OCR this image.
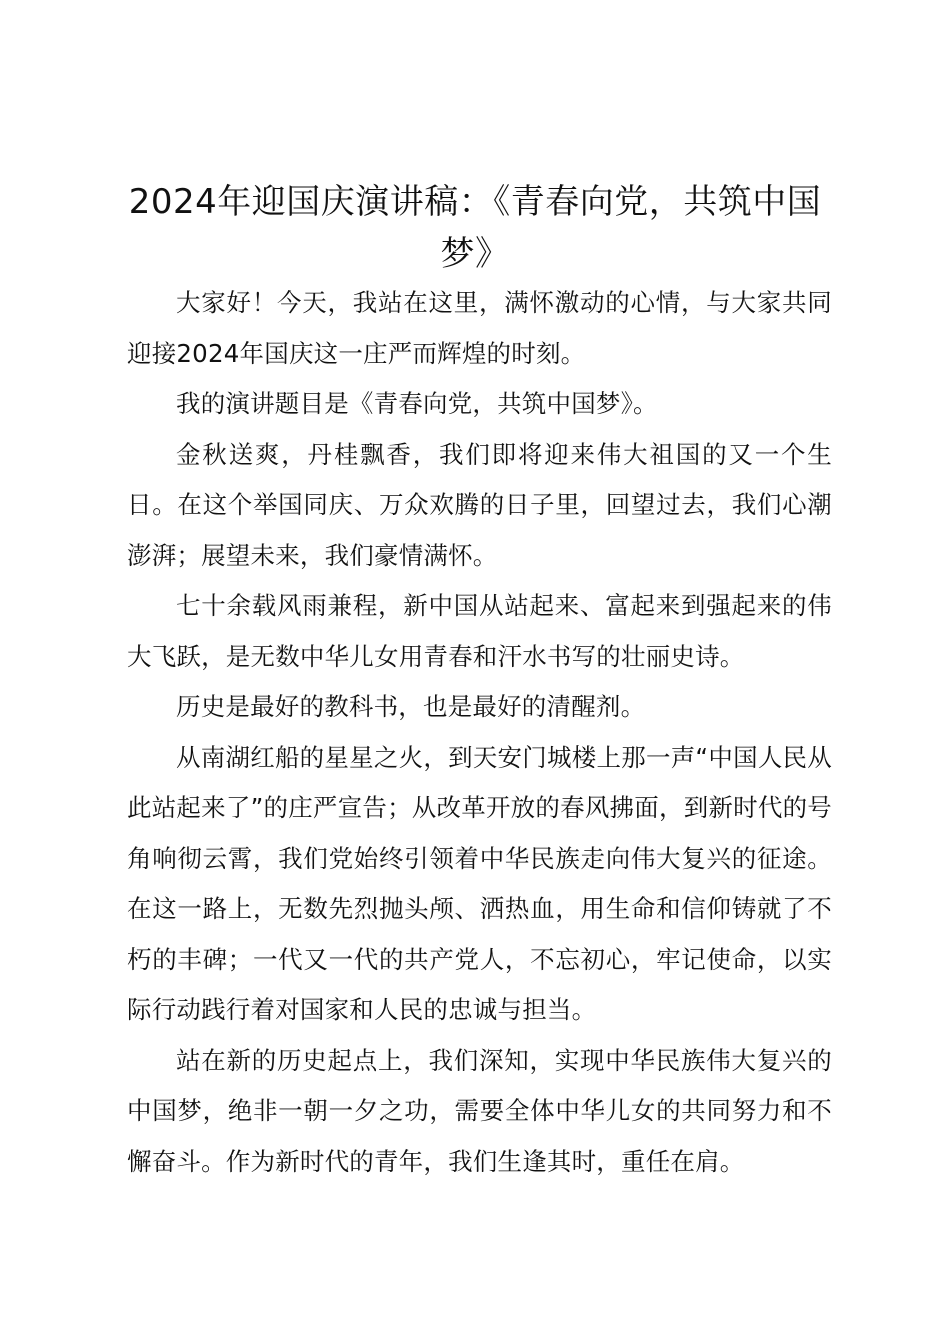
2024年迎国庆演讲稿：《青春向党，共筑中国梦》

大家好！今天，我站在这里，满怀激动的心情，与大家共同迎接2024年国庆这一庄严而辉煌的时刻。

我的演讲题目是《青春向党，共筑中国梦》。

金秋送爽，丹桂飘香，我们即将迎来伟大祖国的又一个生日。在这个举国同庆、万众欢腾的日子里，回望过去，我们心潮澎湃；展望未来，我们豪情满怀。

七十余载风雨兼程，新中国从站起来、富起来到强起来的伟大飞跃，是无数中华儿女用青春和汗水书写的壮丽史诗。

历史是最好的教科书，也是最好的清醒剂。

从南湖红船的星星之火，到天安门城楼上那一声“中国人民从此站起来了”的庄严宣告；从改革开放的春风拂面，到新时代的号角响彻云霄，我们党始终引领着中华民族走向伟大复兴的征途。在这一路上，无数先烈抛头颅、洒热血，用生命和信仰铸就了不朽的丰碑；一代又一代的共产党人，不忘初心，牢记使命，以实际行动践行着对国家和人民的忠诚与担当。

站在新的历史起点上，我们深知，实现中华民族伟大复兴的中国梦，绝非一朝一夕之功，需要全体中华儿女的共同努力和不懈奋斗。作为新时代的青年，我们生逢其时，重任在肩。
